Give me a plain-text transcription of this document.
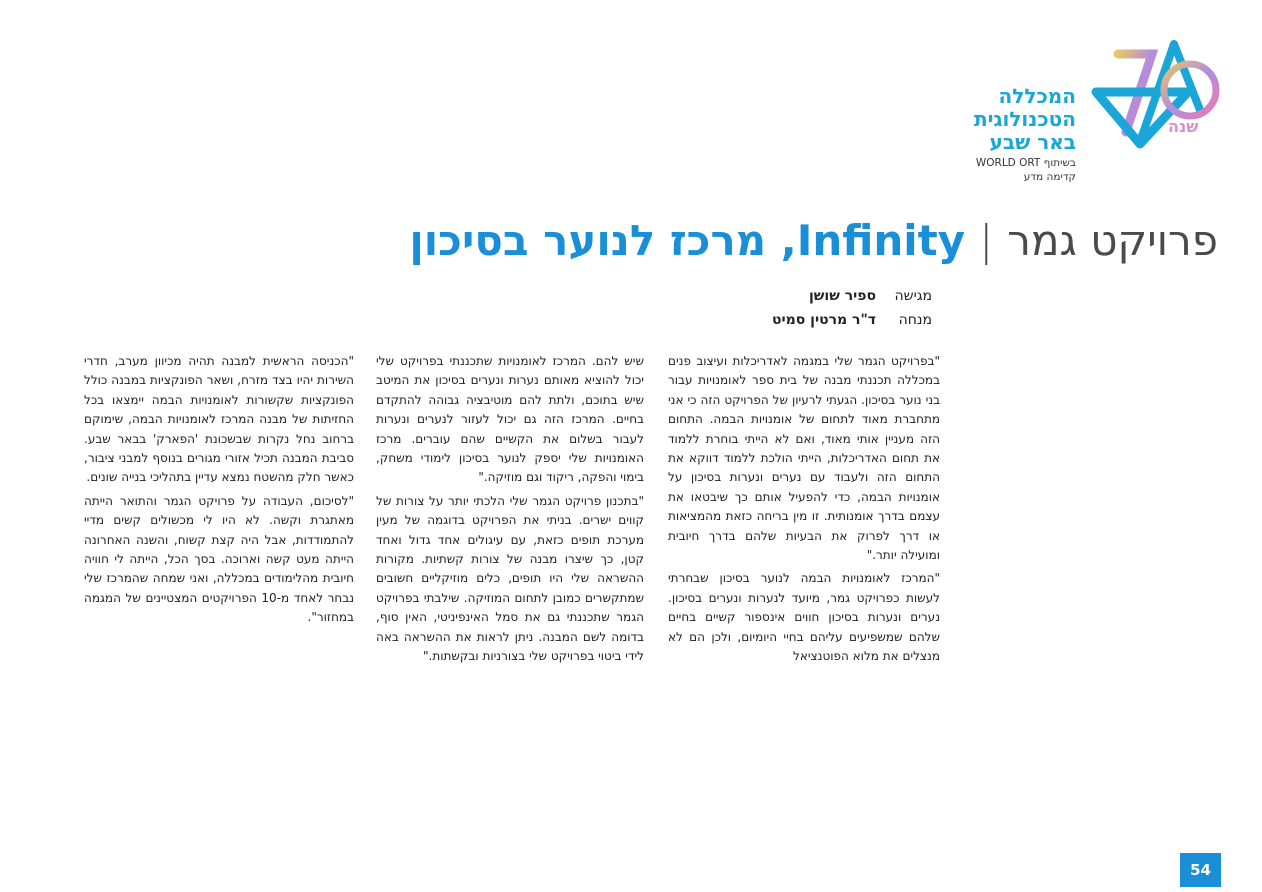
שנה
המכללה
הטכנולוגית
באר שבע
בשיתוף WORLD ORT
קדימה מדע
פרויקט גמר|Infinity, מרכז לנוער בסיכון
מגישה
ספיר שושן
מנחה
ד"ר מרטין סמיט

"בפרויקט הגמר שלי במגמה לאדריכלות ועיצוב פנים במכללה תכננתי מבנה של בית ספר לאומנויות עבור בני נוער בסיכון. הגעתי לרעיון של הפרויקט הזה כי אני מתחברת מאוד לתחום של אומנויות הבמה. התחום הזה מעניין אותי מאוד, ואם לא הייתי בוחרת ללמוד את תחום האדריכלות, הייתי הולכת ללמוד דווקא את התחום הזה ולעבוד עם נערים ונערות בסיכון על אומנויות הבמה, כדי להפעיל אותם כך שיבטאו את עצמם בדרך אומנותית. זו מין בריחה כזאת מהמציאות או דרך לפרוק את הבעיות שלהם בדרך חיובית ומועילה יותר."

"המרכז לאומנויות הבמה לנוער בסיכון שבחרתי לעשות כפרויקט גמר, מיועד לנערות ונערים בסיכון. נערים ונערות בסיכון חווים אינספור קשיים בחיים שלהם שמשפיעים עליהם בחיי היומיום, ולכן הם לא מנצלים את מלוא הפוטנציאל

שיש להם. המרכז לאומנויות שתכננתי בפרויקט שלי יכול להוציא מאותם נערות ונערים בסיכון את המיטב שיש בתוכם, ולתת להם מוטיבציה גבוהה להתקדם בחיים. המרכז הזה גם יכול לעזור לנערים ונערות לעבור בשלום את הקשיים שהם עוברים. מרכז האומנויות שלי יספק לנוער בסיכון לימודי משחק, בימוי והפקה, ריקוד וגם מוזיקה."

"בתכנון פרויקט הגמר שלי הלכתי יותר על צורות של קווים ישרים. בניתי את הפרויקט בדוגמה של מעין מערכת תופים כזאת, עם עיגולים אחד גדול ואחד קטן, כך שיצרו מבנה של צורות קשתיות. מקורות ההשראה שלי היו תופים, כלים מוזיקליים חשובים שמתקשרים כמובן לתחום המוזיקה. שילבתי בפרויקט הגמר שתכננתי גם את סמל האינפיניטי, האין סוף, בדומה לשם המבנה. ניתן לראות את ההשראה באה לידי ביטוי בפרויקט שלי בצורניות ובקשתות."

"הכניסה הראשית למבנה תהיה מכיוון מערב, חדרי השירות יהיו בצד מזרח, ושאר הפונקציות במבנה כולל הפונקציות שקשורות לאומנויות הבמה יימצאו בכל החזיתות של מבנה המרכז לאומנויות הבמה, שימוקם ברחוב נחל נקרות שבשכונת 'הפארק' בבאר שבע. סביבת המבנה תכיל אזורי מגורים בנוסף למבני ציבור, כאשר חלק מהשטח נמצא עדיין בתהליכי בנייה שונים.

"לסיכום, העבודה על פרויקט הגמר והתואר הייתה מאתגרת וקשה. לא היו לי מכשולים קשים מדיי להתמודדות, אבל היה קצת קשוח, והשנה האחרונה הייתה מעט קשה וארוכה. בסך הכל, הייתה לי חוויה חיובית מהלימודים במכללה, ואני שמחה שהמרכז שלי נבחר לאחד מ-10 הפרויקטים המצטיינים של המגמה במחזור".

54
